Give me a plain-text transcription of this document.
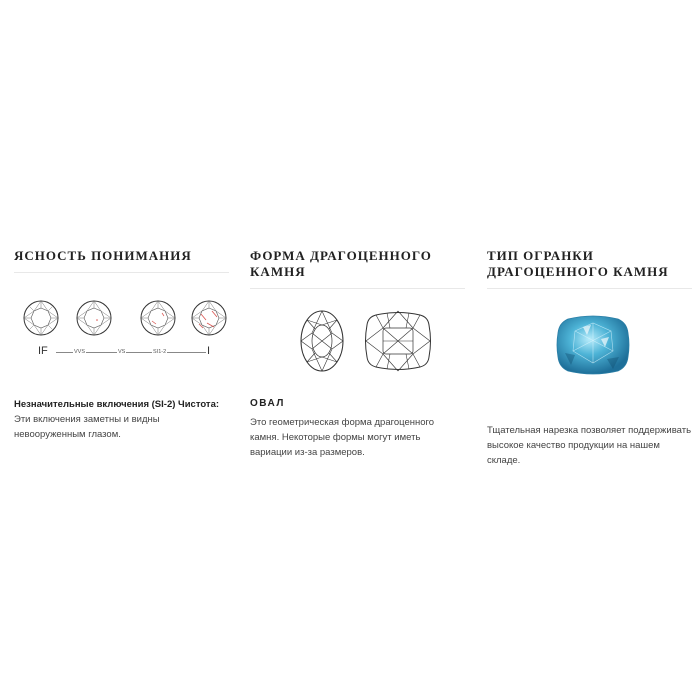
ЯСНОСТЬ ПОНИМАНИЯ
IF	VVS	VS	SI1-2	I

Незначительные включения (SI-2) Чистота: Эти включения заметны и видны невооруженным глазом.

ФОРМА ДРАГОЦЕННОГО КАМНЯ
ОВАЛ

Это геометрическая форма драгоценного камня. Некоторые формы могут иметь вариации из-за размеров.

ТИП ОГРАНКИ ДРАГОЦЕННОГО КАМНЯ

Тщательная нарезка позволяет поддерживать высокое качество продукции на нашем складе.
